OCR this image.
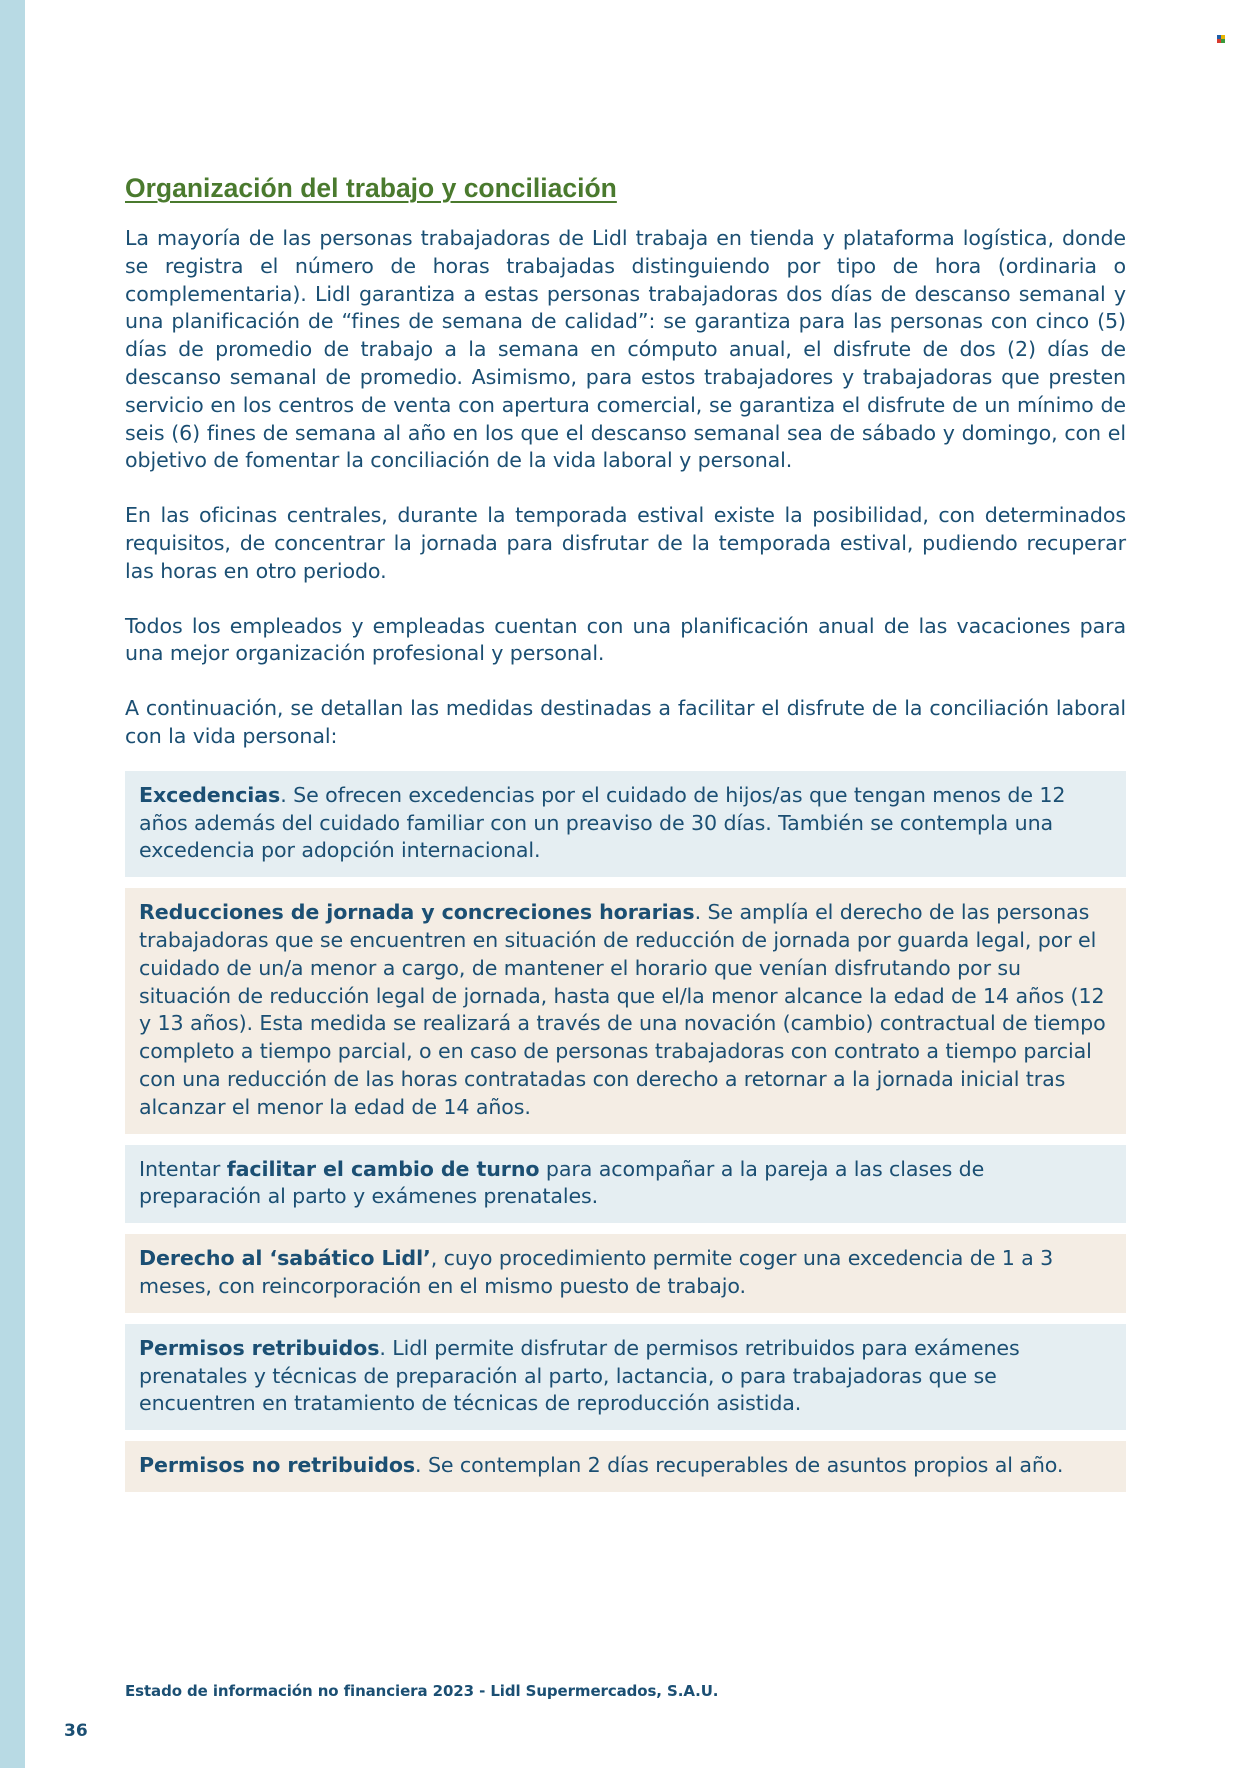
Organización del trabajo y conciliación

La mayoría de las personas trabajadoras de Lidl trabaja en tienda y plataforma logística, donde se registra el número de horas trabajadas distinguiendo por tipo de hora (ordinaria o complementaria). Lidl garantiza a estas personas trabajadoras dos días de descanso semanal y una planificación de “fines de semana de calidad”: se garantiza para las personas con cinco (5) días de promedio de trabajo a la semana en cómputo anual, el disfrute de dos (2) días de descanso semanal de promedio. Asimismo, para estos trabajadores y trabajadoras que presten servicio en los centros de venta con apertura comercial, se garantiza el disfrute de un mínimo de seis (6) fines de semana al año en los que el descanso semanal sea de sábado y domingo, con el objetivo de fomentar la conciliación de la vida laboral y personal.

En las oficinas centrales, durante la temporada estival existe la posibilidad, con determinados requisitos, de concentrar la jornada para disfrutar de la temporada estival, pudiendo recuperar las horas en otro periodo.

Todos los empleados y empleadas cuentan con una planificación anual de las vacaciones para una mejor organización profesional y personal.

A continuación, se detallan las medidas destinadas a facilitar el disfrute de la conciliación laboral con la vida personal:

Excedencias. Se ofrecen excedencias por el cuidado de hijos/as que tengan menos de 12 años además del cuidado familiar con un preaviso de 30 días. También se contempla una excedencia por adopción internacional.
Reducciones de jornada y concreciones horarias. Se amplía el derecho de las personas trabajadoras que se encuentren en situación de reducción de jornada por guarda legal, por el cuidado de un/a menor a cargo, de mantener el horario que venían disfrutando por su situación de reducción legal de jornada, hasta que el/la menor alcance la edad de 14 años (12 y 13 años). Esta medida se realizará a través de una novación (cambio) contractual de tiempo completo a tiempo parcial, o en caso de personas trabajadoras con contrato a tiempo parcial con una reducción de las horas contratadas con derecho a retornar a la jornada inicial tras alcanzar el menor la edad de 14 años.
Intentar facilitar el cambio de turno para acompañar a la pareja a las clases de preparación al parto y exámenes prenatales.
Derecho al ‘sabático Lidl’, cuyo procedimiento permite coger una excedencia de 1 a 3 meses, con reincorporación en el mismo puesto de trabajo.
Permisos retribuidos. Lidl permite disfrutar de permisos retribuidos para exámenes prenatales y técnicas de preparación al parto, lactancia, o para trabajadoras que se encuentren en tratamiento de técnicas de reproducción asistida.
Permisos no retribuidos. Se contemplan 2 días recuperables de asuntos propios al año.
Estado de información no financiera 2023 - Lidl Supermercados, S.A.U.
36
